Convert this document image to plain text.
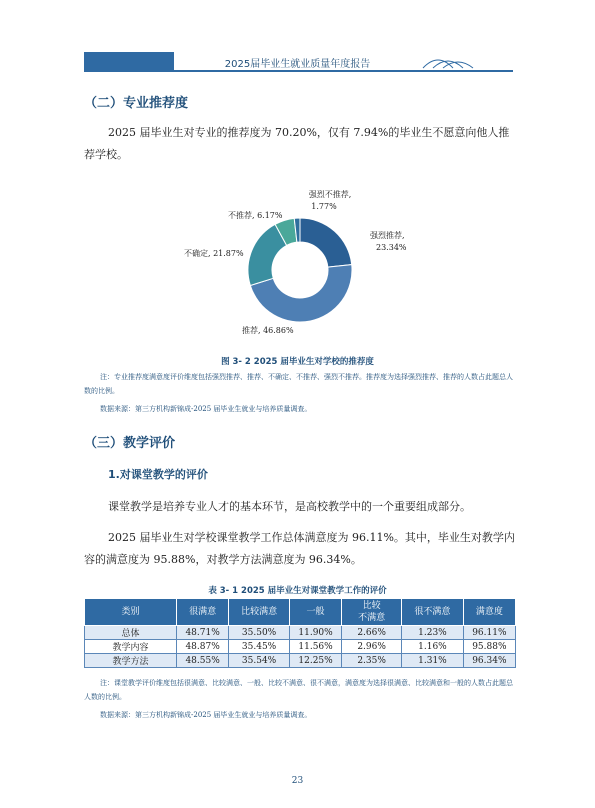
2025届毕业生就业质量年度报告
（二）专业推荐度
2025 届毕业生对专业的推荐度为 70.20%，仅有 7.94%的毕业生不愿意向他人推荐学校。
强烈不推荐,
1.77%
强烈推荐,
23.34%
不推荐, 6.17%
不确定, 21.87%
推荐, 46.86%
图 3- 2 2025 届毕业生对学校的推荐度
注：专业推荐度满意度评价维度包括强烈推荐、推荐、不确定、不推荐、强烈不推荐。推荐度为选择强烈推荐、推荐的人数占此题总人数的比例。
数据来源：第三方机构新锦成-2025 届毕业生就业与培养质量调查。
（三）教学评价
1.对课堂教学的评价
课堂教学是培养专业人才的基本环节，是高校教学中的一个重要组成部分。
2025 届毕业生对学校课堂教学工作总体满意度为 96.11%。其中，毕业生对教学内容的满意度为 95.88%，对教学方法满意度为 96.34%。
表 3- 1 2025 届毕业生对课堂教学工作的评价
类别	很满意	比较满意	一般	比较
不满意	很不满意	满意度
总体	48.71%	35.50%	11.90%	2.66%	1.23%	96.11%
教学内容	48.87%	35.45%	11.56%	2.96%	1.16%	95.88%
教学方法	48.55%	35.54%	12.25%	2.35%	1.31%	96.34%
注：课堂教学评价维度包括很满意、比较满意、一般、比较不满意、很不满意，满意度为选择很满意、比较满意和一般的人数占此题总人数的比例。
数据来源：第三方机构新锦成-2025 届毕业生就业与培养质量调查。
23
